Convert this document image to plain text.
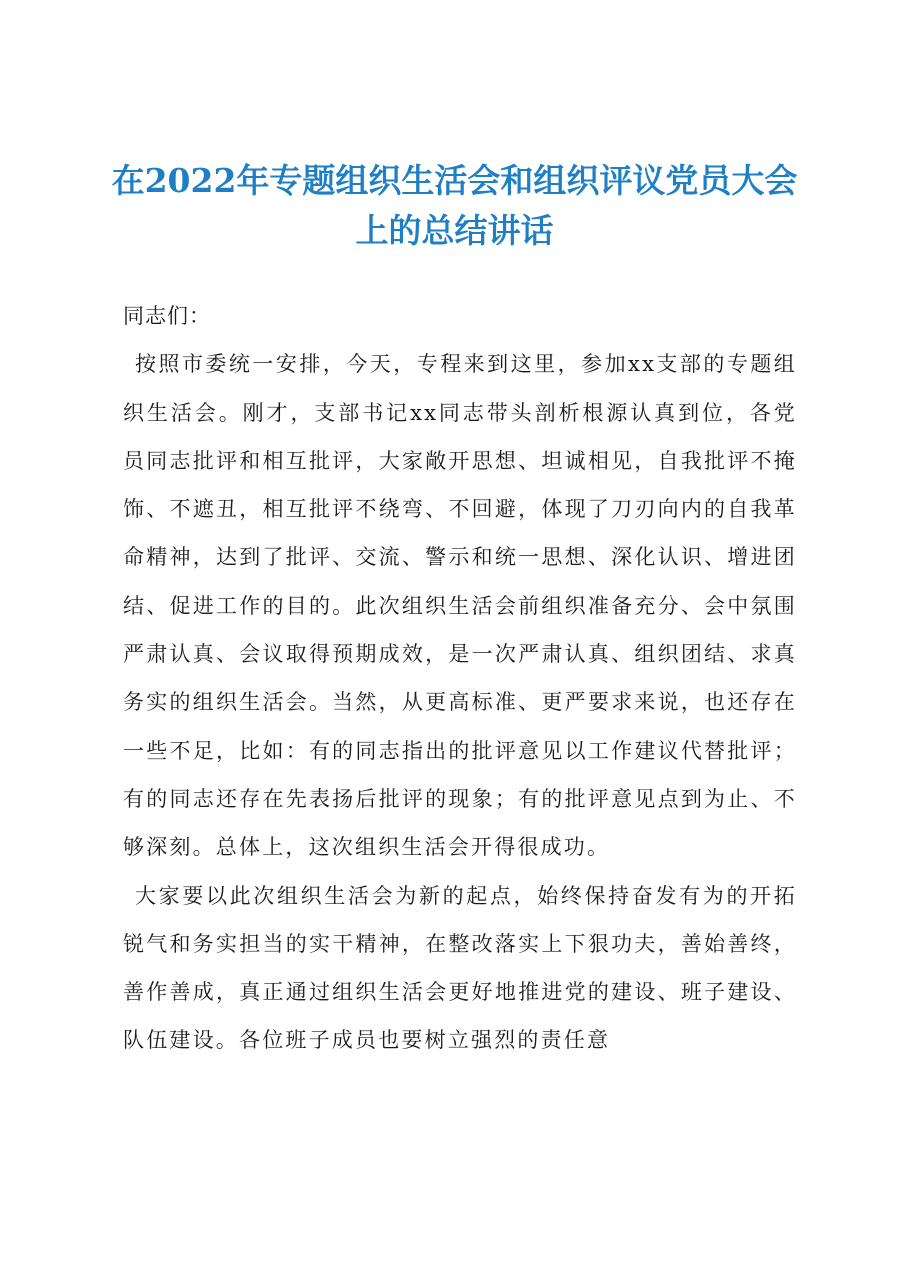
在2022年专题组织生活会和组织评议党员大会上的总结讲话

同志们：

按照市委统一安排，今天，专程来到这里，参加xx支部的专题组织生活会。刚才，支部书记xx同志带头剖析根源认真到位，各党员同志批评和相互批评，大家敞开思想、坦诚相见，自我批评不掩饰、不遮丑，相互批评不绕弯、不回避，体现了刀刃向内的自我革命精神，达到了批评、交流、警示和统一思想、深化认识、增进团结、促进工作的目的。此次组织生活会前组织准备充分、会中氛围严肃认真、会议取得预期成效，是一次严肃认真、组织团结、求真务实的组织生活会。当然，从更高标准、更严要求来说，也还存在一些不足，比如：有的同志指出的批评意见以工作建议代替批评；有的同志还存在先表扬后批评的现象；有的批评意见点到为止、不够深刻。总体上，这次组织生活会开得很成功。

大家要以此次组织生活会为新的起点，始终保持奋发有为的开拓锐气和务实担当的实干精神，在整改落实上下狠功夫，善始善终，善作善成，真正通过组织生活会更好地推进党的建设、班子建设、队伍建设。各位班子成员也要树立强烈的责任意
